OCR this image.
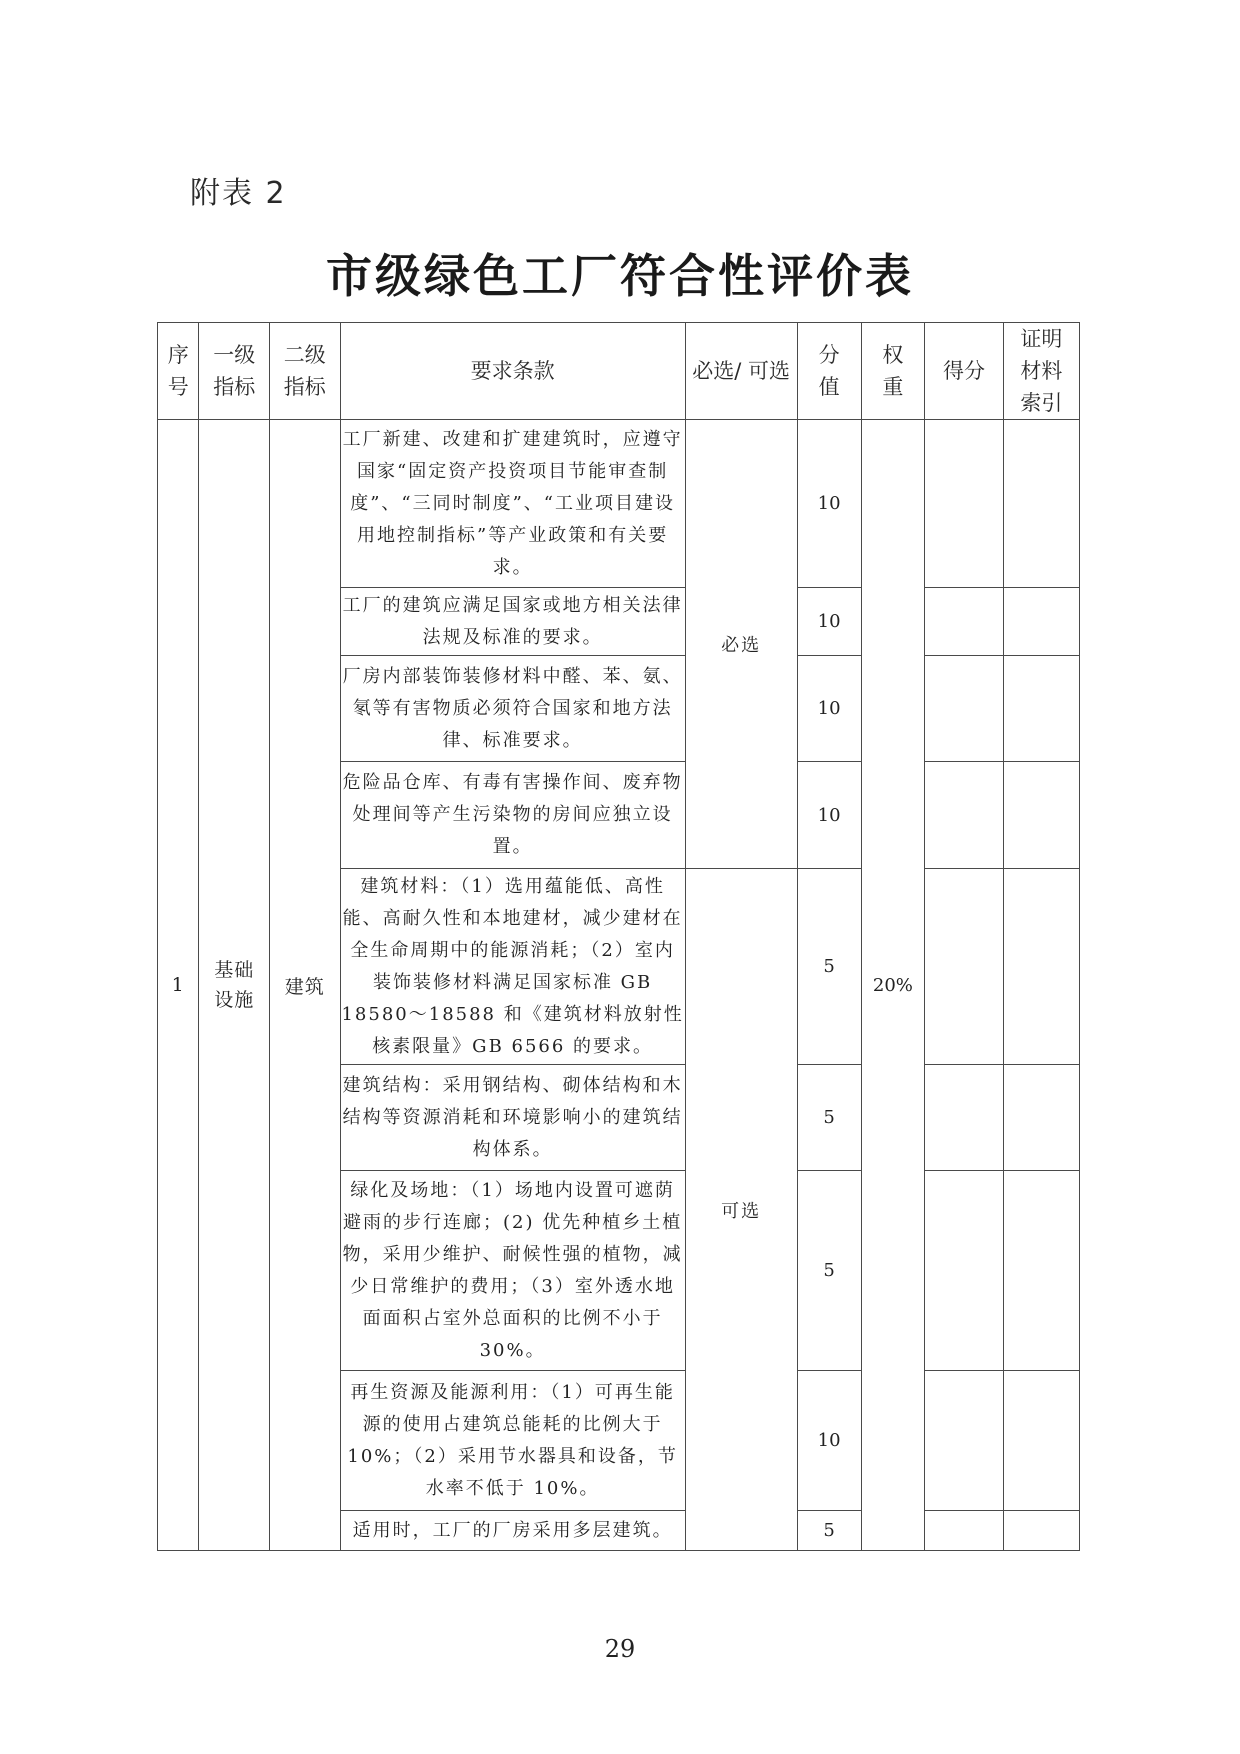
附表 2
市级绿色工厂符合性评价表
序号	一级指标	二级指标	要求条款	必选/ 可选	分值	权重	得分	证明材料索引
1	基础设施	建筑	工厂新建、改建和扩建建筑时，应遵守国家“固定资产投资项目节能审查制度”、“三同时制度”、“工业项目建设用地控制指标”等产业政策和有关要求。	必选	10	20%		
			工厂的建筑应满足国家或地方相关法律法规及标准的要求。		10			
			厂房内部装饰装修材料中醛、苯、氨、氡等有害物质必须符合国家和地方法律、标准要求。		10			
			危险品仓库、有毒有害操作间、废弃物处理间等产生污染物的房间应独立设置。		10			
			建筑材料：（1）选用蕴能低、高性能、高耐久性和本地建材，减少建材在全生命周期中的能源消耗；（2）室内装饰装修材料满足国家标准 GB 18580～18588 和《建筑材料放射性核素限量》GB 6566 的要求。	可选	5			
			建筑结构：采用钢结构、砌体结构和木结构等资源消耗和环境影响小的建筑结构体系。		5			
			绿化及场地：（1）场地内设置可遮荫避雨的步行连廊；(2) 优先种植乡土植物，采用少维护、耐候性强的植物，减少日常维护的费用；（3）室外透水地面面积占室外总面积的比例不小于 30%。		5			
			再生资源及能源利用：（1）可再生能源的使用占建筑总能耗的比例大于 10%；（2）采用节水器具和设备，节水率不低于 10%。		10			
			适用时，工厂的厂房采用多层建筑。		5			
29
